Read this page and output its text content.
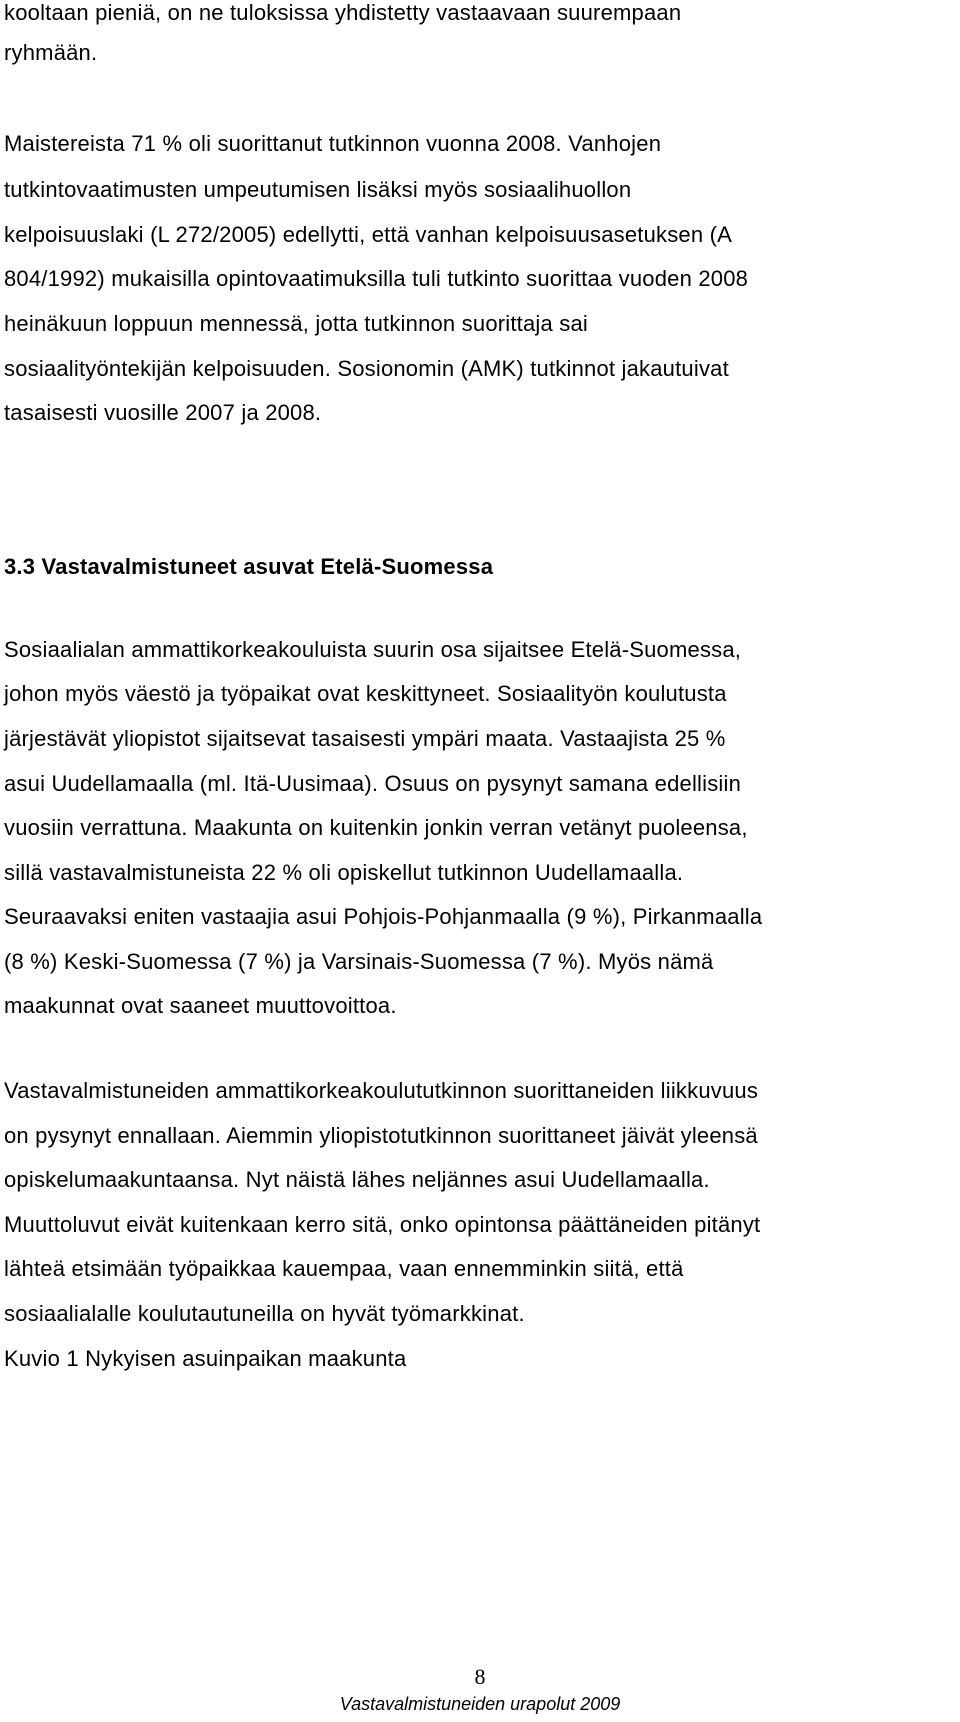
kooltaan pieniä, on ne tuloksissa yhdistetty vastaavaan suurempaan
ryhmään.
Maistereista 71 % oli suorittanut tutkinnon vuonna 2008. Vanhojen
tutkintovaatimusten umpeutumisen lisäksi myös sosiaalihuollon
kelpoisuuslaki (L 272/2005) edellytti, että vanhan kelpoisuusasetuksen (A
804/1992) mukaisilla opintovaatimuksilla tuli tutkinto suorittaa vuoden 2008
heinäkuun loppuun mennessä, jotta tutkinnon suorittaja sai
sosiaalityöntekijän kelpoisuuden. Sosionomin (AMK) tutkinnot jakautuivat
tasaisesti vuosille 2007 ja 2008.
3.3 Vastavalmistuneet asuvat Etelä-Suomessa
Sosiaalialan ammattikorkeakouluista suurin osa sijaitsee Etelä-Suomessa,
johon myös väestö ja työpaikat ovat keskittyneet. Sosiaalityön koulutusta
järjestävät yliopistot sijaitsevat tasaisesti ympäri maata. Vastaajista 25 %
asui Uudellamaalla (ml. Itä-Uusimaa). Osuus on pysynyt samana edellisiin
vuosiin verrattuna. Maakunta on kuitenkin jonkin verran vetänyt puoleensa,
sillä vastavalmistuneista 22 % oli opiskellut tutkinnon Uudellamaalla.
Seuraavaksi eniten vastaajia asui Pohjois-Pohjanmaalla (9 %), Pirkanmaalla
(8 %) Keski-Suomessa (7 %) ja Varsinais-Suomessa (7 %). Myös nämä
maakunnat ovat saaneet muuttovoittoa.
Vastavalmistuneiden ammattikorkeakoulututkinnon suorittaneiden liikkuvuus
on pysynyt ennallaan. Aiemmin yliopistotutkinnon suorittaneet jäivät yleensä
opiskelumaakuntaansa. Nyt näistä lähes neljännes asui Uudellamaalla.
Muuttoluvut eivät kuitenkaan kerro sitä, onko opintonsa päättäneiden pitänyt
lähteä etsimään työpaikkaa kauempaa, vaan ennemminkin siitä, että
sosiaalialalle koulutautuneilla on hyvät työmarkkinat.
Kuvio 1 Nykyisen asuinpaikan maakunta
8
Vastavalmistuneiden urapolut 2009
